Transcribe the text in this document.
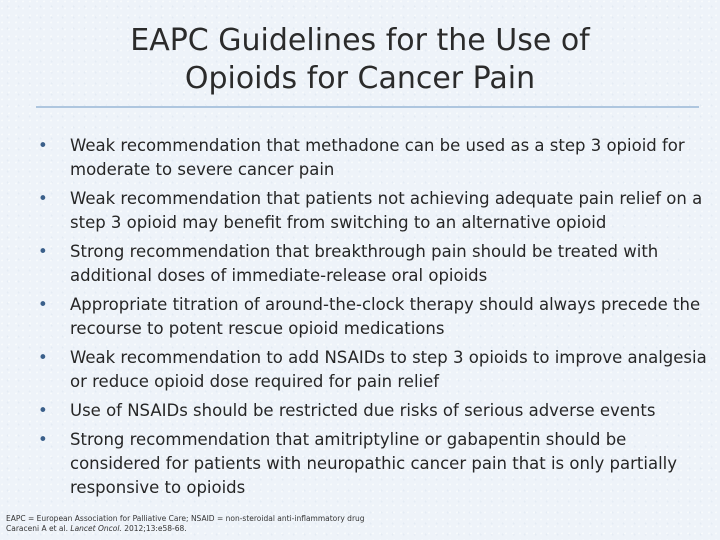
EAPC Guidelines for the Use of
Opioids for Cancer Pain
•	Weak recommendation that methadone can be used as a step 3 opioid for moderate to severe cancer pain
•	Weak recommendation that patients not achieving adequate pain relief on a step 3 opioid may benefit from switching to an alternative opioid
•	Strong recommendation that breakthrough pain should be treated with additional doses of immediate-release oral opioids
•	Appropriate titration of around-the-clock therapy should always precede the recourse to potent rescue opioid medications
•	Weak recommendation to add NSAIDs to step 3 opioids to improve analgesia or reduce opioid dose required for pain relief
•	Use of NSAIDs should be restricted due risks of serious adverse events
•	Strong recommendation that amitriptyline or gabapentin should be considered for patients with neuropathic cancer pain that is only partially responsive to opioids
EAPC = European Association for Palliative Care; NSAID = non-steroidal anti-inflammatory drug
Caraceni A et al. Lancet Oncol. 2012;13:e58-68.
